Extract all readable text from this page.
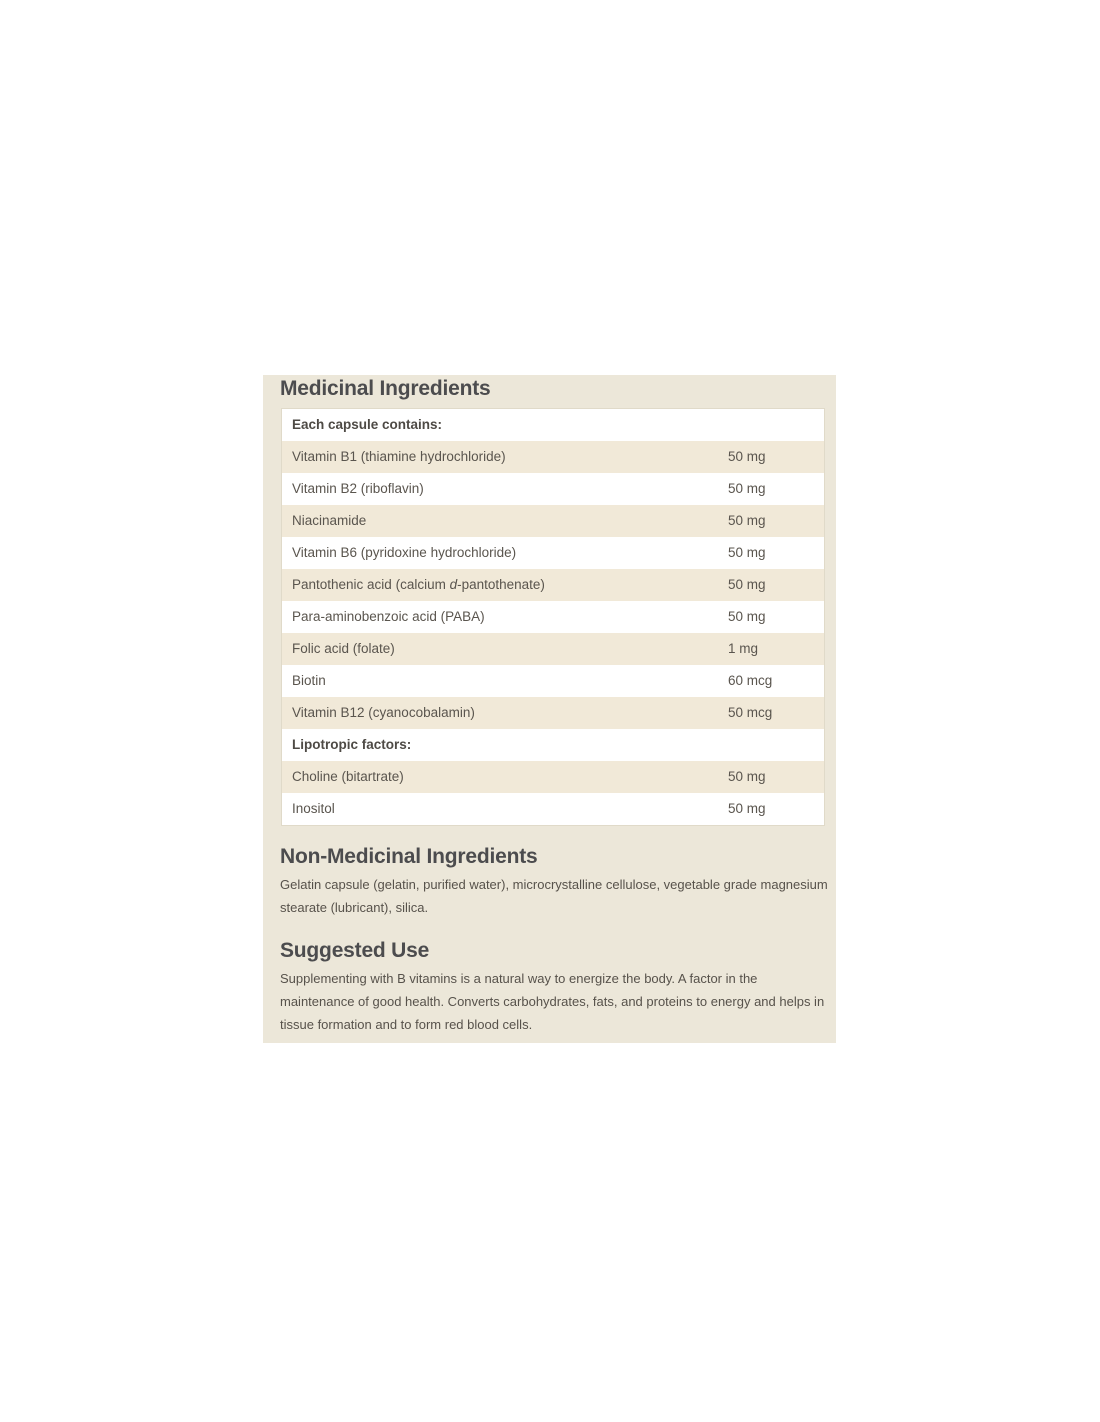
Medicinal Ingredients
Each capsule contains:
Vitamin B1 (thiamine hydrochloride)	50 mg
Vitamin B2 (riboflavin)	50 mg
Niacinamide	50 mg
Vitamin B6 (pyridoxine hydrochloride)	50 mg
Pantothenic acid (calcium d-pantothenate)	50 mg
Para-aminobenzoic acid (PABA)	50 mg
Folic acid (folate)	1 mg
Biotin	60 mcg
Vitamin B12 (cyanocobalamin)	50 mcg
Lipotropic factors:
Choline (bitartrate)	50 mg
Inositol	50 mg
Non-Medicinal Ingredients

Gelatin capsule (gelatin, purified water), microcrystalline cellulose, vegetable grade magnesium stearate (lubricant), silica.

Suggested Use

Supplementing with B vitamins is a natural way to energize the body. A factor in the maintenance of good health. Converts carbohydrates, fats, and proteins to energy and helps in tissue formation and to form red blood cells.
